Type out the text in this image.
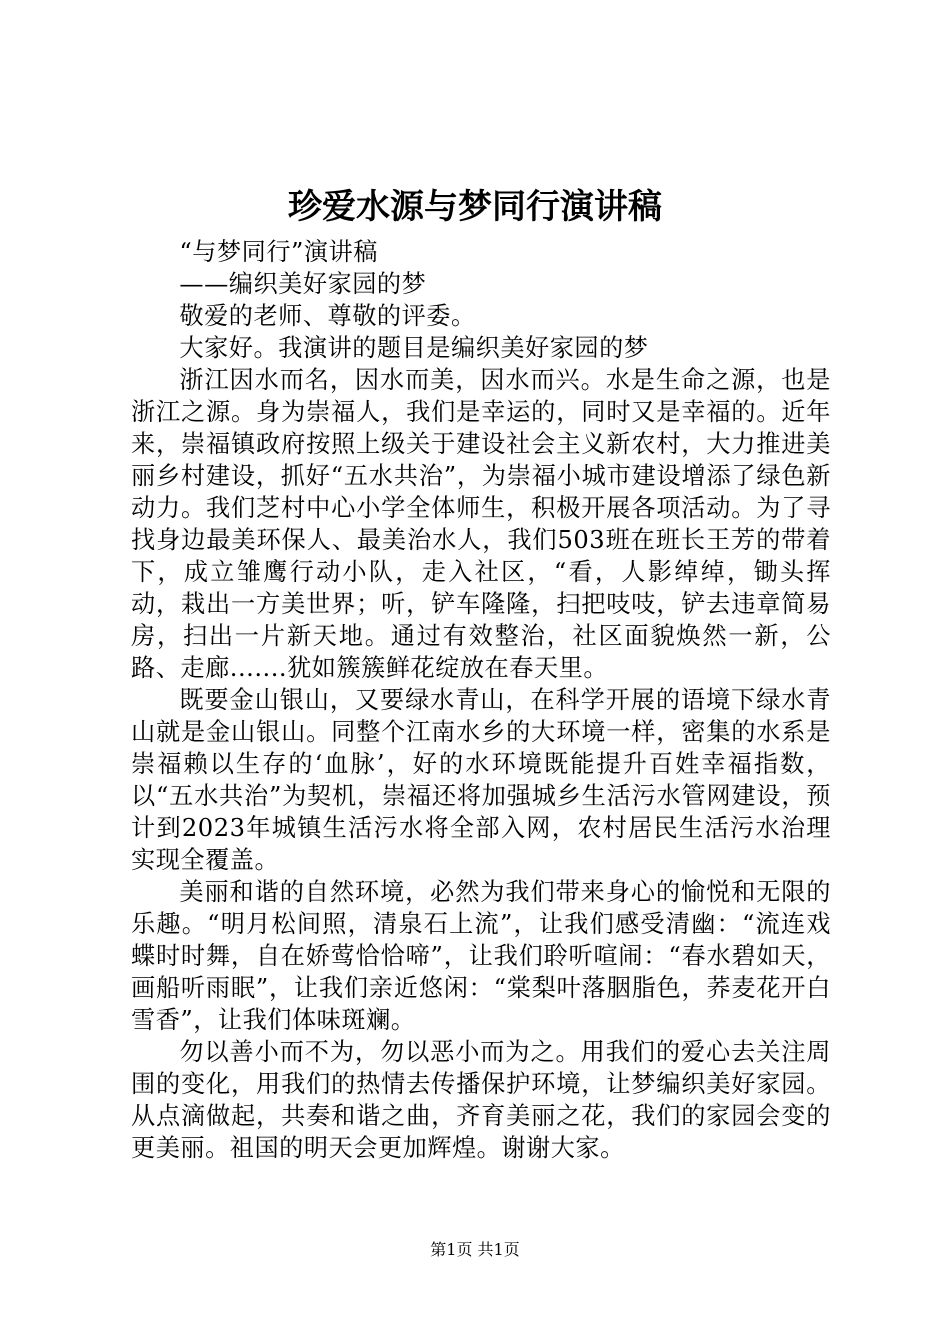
珍爱水源与梦同行演讲稿

“与梦同行”演讲稿

——编织美好家园的梦

敬爱的老师、尊敬的评委。

大家好。我演讲的题目是编织美好家园的梦

浙江因水而名，因水而美，因水而兴。水是生命之源，也是浙江之源。身为崇福人，我们是幸运的，同时又是幸福的。近年来，崇福镇政府按照上级关于建设社会主义新农村，大力推进美丽乡村建设，抓好“五水共治”，为崇福小城市建设增添了绿色新动力。我们芝村中心小学全体师生，积极开展各项活动。为了寻找身边最美环保人、最美治水人，我们503班在班长王芳的带着下，成立雏鹰行动小队，走入社区，“看，人影绰绰，锄头挥动，栽出一方美世界；听，铲车隆隆，扫把吱吱，铲去违章简易房，扫出一片新天地。通过有效整治，社区面貌焕然一新，公路、走廊.......犹如簇簇鲜花绽放在春天里。

既要金山银山，又要绿水青山，在科学开展的语境下绿水青山就是金山银山。同整个江南水乡的大环境一样，密集的水系是崇福赖以生存的‘血脉’，好的水环境既能提升百姓幸福指数，以“五水共治”为契机，崇福还将加强城乡生活污水管网建设，预计到2023年城镇生活污水将全部入网，农村居民生活污水治理实现全覆盖。

美丽和谐的自然环境，必然为我们带来身心的愉悦和无限的乐趣。“明月松间照，清泉石上流”，让我们感受清幽：“流连戏蝶时时舞，自在娇莺恰恰啼”，让我们聆听喧闹：“春水碧如天，画船听雨眠”，让我们亲近悠闲：“棠梨叶落胭脂色，荞麦花开白雪香”，让我们体味斑斓。

勿以善小而不为，勿以恶小而为之。用我们的爱心去关注周围的变化，用我们的热情去传播保护环境，让梦编织美好家园。从点滴做起，共奏和谐之曲，齐育美丽之花，我们的家园会变的更美丽。祖国的明天会更加辉煌。谢谢大家。

第1页 共1页
